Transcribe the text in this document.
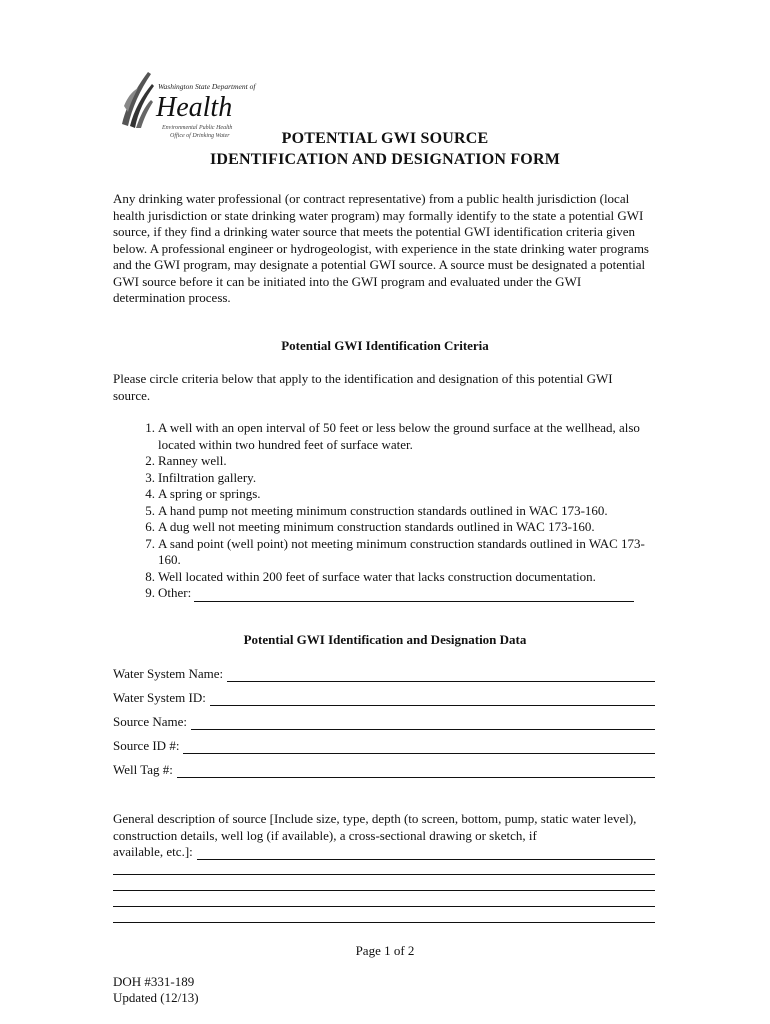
Washington State Department of
Health
Environmental Public Health
Office of Drinking Water	POTENTIAL GWI SOURCE
IDENTIFICATION AND DESIGNATION FORM
Any drinking water professional (or contract representative) from a public health jurisdiction (local health jurisdiction or state drinking water program) may formally identify to the state a potential GWI source, if they find a drinking water source that meets the potential GWI identification criteria given below. A professional engineer or hydrogeologist, with experience in the state drinking water programs and the GWI program, may designate a potential GWI source. A source must be designated a potential GWI source before it can be initiated into the GWI program and evaluated under the GWI determination process.
Potential GWI Identification Criteria
Please circle criteria below that apply to the identification and designation of this potential GWI source.
1. A well with an open interval of 50 feet or less below the ground surface at the wellhead, also located within two hundred feet of surface water.
2. Ranney well.
3. Infiltration gallery.
4. A spring or springs.
5. A hand pump not meeting minimum construction standards outlined in WAC 173-160.
6. A dug well not meeting minimum construction standards outlined in WAC 173-160.
7. A sand point (well point) not meeting minimum construction standards outlined in WAC 173-160.
8. Well located within 200 feet of surface water that lacks construction documentation.
9. Other:
Potential GWI Identification and Designation Data
Water System Name:
Water System ID:
Source Name:
Source ID #:
Well Tag #:
General description of source [Include size, type, depth (to screen, bottom, pump, static water level), construction details, well log (if available), a cross-sectional drawing or sketch, if
available, etc.]:
Page 1 of 2
DOH #331-189
Updated (12/13)
